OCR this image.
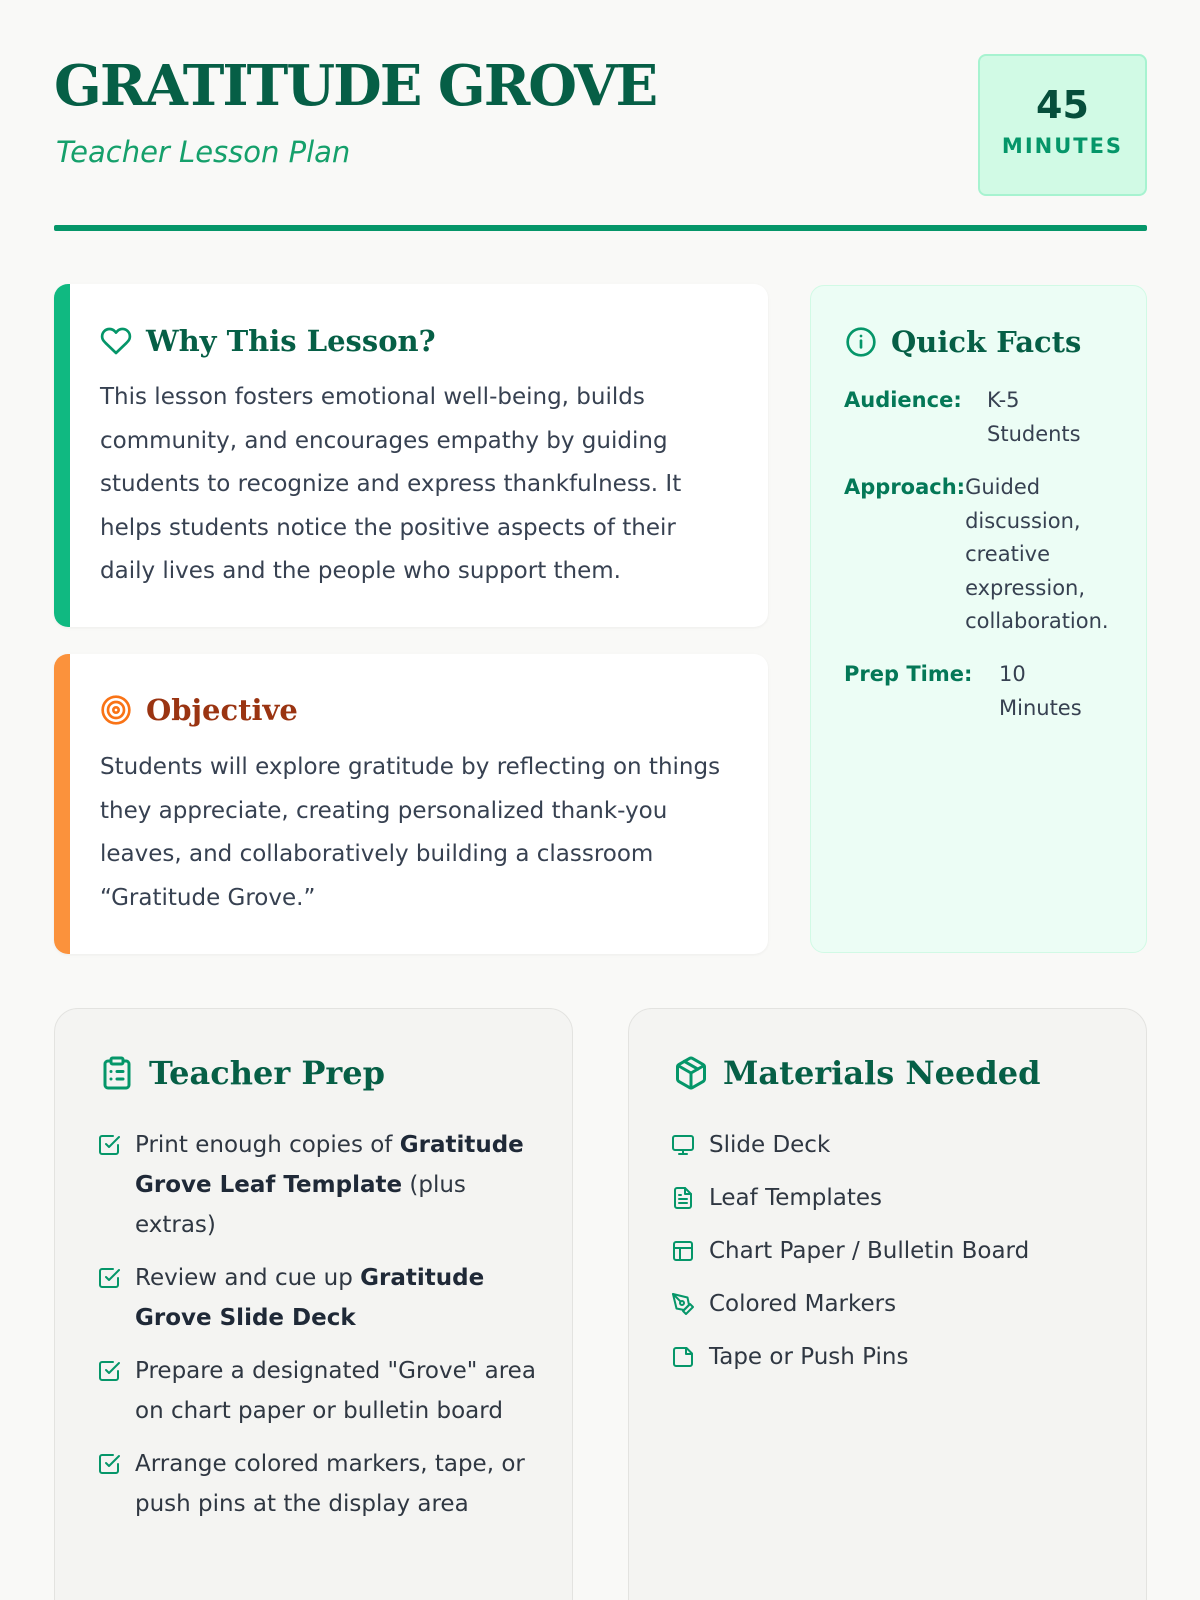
GRATITUDE GROVE
Teacher Lesson Plan
45
MINUTES
Why This Lesson?
This lesson fosters emotional well-being, builds community, and encourages empathy by guiding students to recognize and express thankfulness. It helps students notice the positive aspects of their daily lives and the people who support them.
Objective
Students will explore gratitude by reflecting on things they appreciate, creating personalized thank-you leaves, and collaboratively building a classroom “Gratitude Grove.”
Quick Facts
Audience:	K-5 Students
Approach: Guided discussion, creative expression, collaboration.
Prep Time:	10 Minutes
Teacher Prep
Print enough copies of Gratitude Grove Leaf Template (plus extras)
Review and cue up Gratitude Grove Slide Deck
Prepare a designated "Grove" area on chart paper or bulletin board
Arrange colored markers, tape, or push pins at the display area
Materials Needed
Slide Deck
Leaf Templates
Chart Paper / Bulletin Board
Colored Markers
Tape or Push Pins
